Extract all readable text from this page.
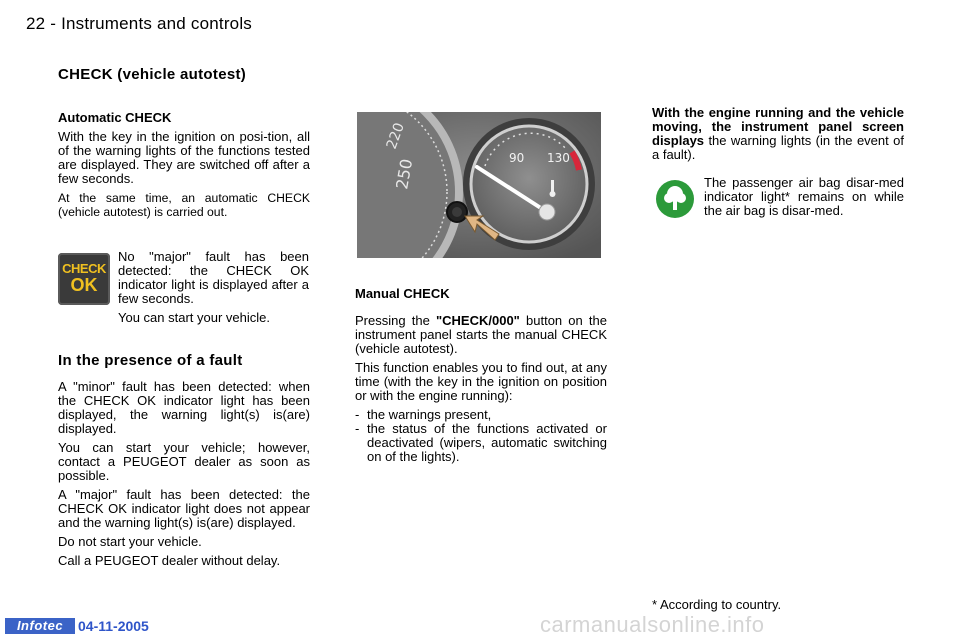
22 - Instruments and controls
CHECK (vehicle autotest)
Automatic CHECK

With the key in the ignition on posi-tion, all of the warning lights of the functions tested are displayed. They are switched off after a few seconds.

At the same time, an automatic CHECK (vehicle autotest) is carried out.

CHECK
OK

No "major" fault has been detected: the CHECK OK indicator light is displayed after a few seconds.

You can start your vehicle.

In the presence of a fault

A "minor" fault has been detected: when the CHECK OK indicator light has been displayed, the warning light(s) is(are) displayed.

You can start your vehicle; however, contact a PEUGEOT dealer as soon as possible.

A "major" fault has been detected: the CHECK OK indicator light does not appear and the warning light(s) is(are) displayed.

Do not start your vehicle.

Call a PEUGEOT dealer without delay.

220
250	90 130
Manual CHECK

Pressing the "CHECK/000" button on the instrument panel starts the manual CHECK (vehicle autotest).

This function enables you to find out, at any time (with the key in the ignition on position or with the engine running):

- the warnings present,
- the status of the functions activated or deactivated (wipers, automatic switching on of the lights).

With the engine running and the vehicle moving, the instrument panel screen displays the warning lights (in the event of a fault).

The passenger air bag disar-med indicator light* remains on while the air bag is disar-med.

* According to country.
Infotec	04-11-2005	carmanualsonline.info
